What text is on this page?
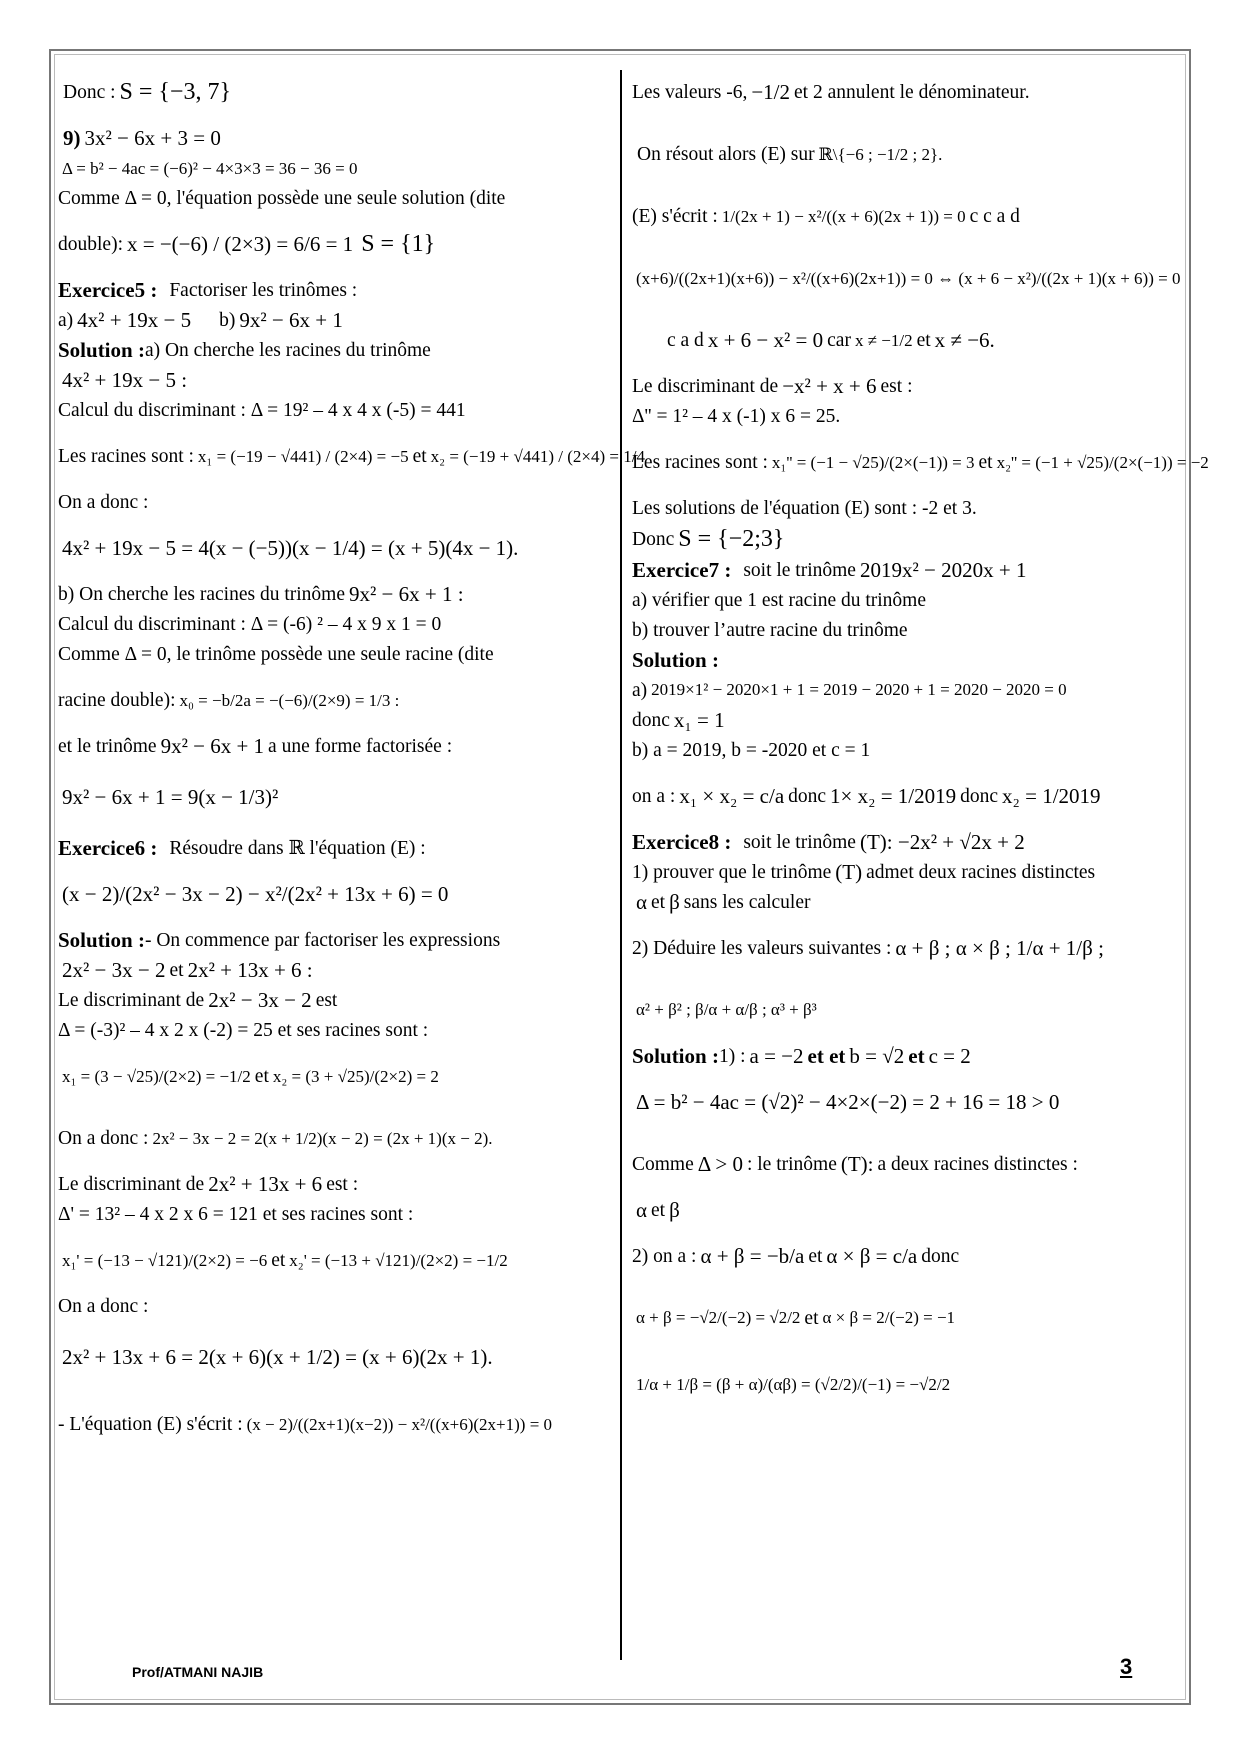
Donc : S = {−3, 7}
9) 3x² − 6x + 3 = 0
Δ = b² − 4ac = (−6)² − 4×3×3 = 36 − 36 = 0
Comme Δ = 0, l'équation possède une seule solution (dite
double): x = −(−6) / (2×3) = 6/6 = 1 S = {1}
Exercice5 : Factoriser les trinômes :
a) 4x² + 19x − 5 b) 9x² − 6x + 1
Solution : a) On cherche les racines du trinôme
4x² + 19x − 5 :
Calcul du discriminant : Δ = 19² – 4 x 4 x (-5) = 441
Les racines sont : x₁ = (−19 − √441) / (2×4) = −5 et x₂ = (−19 + √441) / (2×4) = 1/4
On a donc :
4x² + 19x − 5 = 4(x − (−5))(x − 1/4) = (x + 5)(4x − 1).
b) On cherche les racines du trinôme 9x² − 6x + 1 :
Calcul du discriminant : Δ = (-6) ² – 4 x 9 x 1 = 0
Comme Δ = 0, le trinôme possède une seule racine (dite
racine double): x₀ = −b/2a = −(−6)/(2×9) = 1/3 :
et le trinôme 9x² − 6x + 1 a une forme factorisée :
9x² − 6x + 1 = 9(x − 1/3)²
Exercice6 : Résoudre dans ℝ l'équation (E) :
(x − 2)/(2x² − 3x − 2) − x²/(2x² + 13x + 6) = 0
Solution : - On commence par factoriser les expressions
2x² − 3x − 2 et 2x² + 13x + 6 :
Le discriminant de 2x² − 3x − 2 est
Δ = (-3)² – 4 x 2 x (-2) = 25 et ses racines sont :
x₁ = (3 − √25)/(2×2) = −1/2 et x₂ = (3 + √25)/(2×2) = 2
On a donc : 2x² − 3x − 2 = 2(x + 1/2)(x − 2) = (2x + 1)(x − 2).
Le discriminant de 2x² + 13x + 6 est :
Δ' = 13² – 4 x 2 x 6 = 121 et ses racines sont :
x₁' = (−13 − √121)/(2×2) = −6 et x₂' = (−13 + √121)/(2×2) = −1/2
On a donc :
2x² + 13x + 6 = 2(x + 6)(x + 1/2) = (x + 6)(2x + 1).
- L'équation (E) s'écrit : (x − 2)/((2x+1)(x−2)) − x²/((x+6)(2x+1)) = 0
Les valeurs -6, −1/2 et 2 annulent le dénominateur.
On résout alors (E) sur ℝ\{−6 ; −1/2 ; 2}.
(E) s'écrit : 1/(2x + 1) − x²/((x + 6)(2x + 1)) = 0 c c a d
(x+6)/((2x+1)(x+6)) − x²/((x+6)(2x+1)) = 0 ⇔ (x + 6 − x²)/((2x + 1)(x + 6)) = 0
c a d x + 6 − x² = 0 car x ≠ −1/2 et x ≠ −6.
Le discriminant de −x² + x + 6 est :
Δ'' = 1² – 4 x (-1) x 6 = 25.
Les racines sont : x₁'' = (−1 − √25)/(2×(−1)) = 3 et x₂'' = (−1 + √25)/(2×(−1)) = −2
Les solutions de l'équation (E) sont : -2 et 3.
Donc S = {−2;3}
Exercice7 : soit le trinôme 2019x² − 2020x + 1
a) vérifier que 1 est racine du trinôme
b) trouver l’autre racine du trinôme
Solution :
a) 2019×1² − 2020×1 + 1 = 2019 − 2020 + 1 = 2020 − 2020 = 0
donc x₁ = 1
b) a = 2019, b = -2020 et c = 1
on a : x₁ × x₂ = c/a donc 1× x₂ = 1/2019 donc x₂ = 1/2019
Exercice8 : soit le trinôme (T): −2x² + √2x + 2
1) prouver que le trinôme (T) admet deux racines distinctes
α et β sans les calculer
2) Déduire les valeurs suivantes : α + β ; α × β ; 1/α + 1/β ;
α² + β² ; β/α + α/β ; α³ + β³
Solution : 1) : a = −2 et et b = √2 et c = 2
Δ = b² − 4ac = (√2)² − 4×2×(−2) = 2 + 16 = 18 > 0
Comme Δ > 0 : le trinôme (T): a deux racines distinctes :
α et β
2) on a : α + β = −b/a et α × β = c/a donc
α + β = −√2/(−2) = √2/2 et α × β = 2/(−2) = −1
1/α + 1/β = (β + α)/(αβ) = (√2/2)/(−1) = −√2/2
Prof/ATMANI NAJIB	3
